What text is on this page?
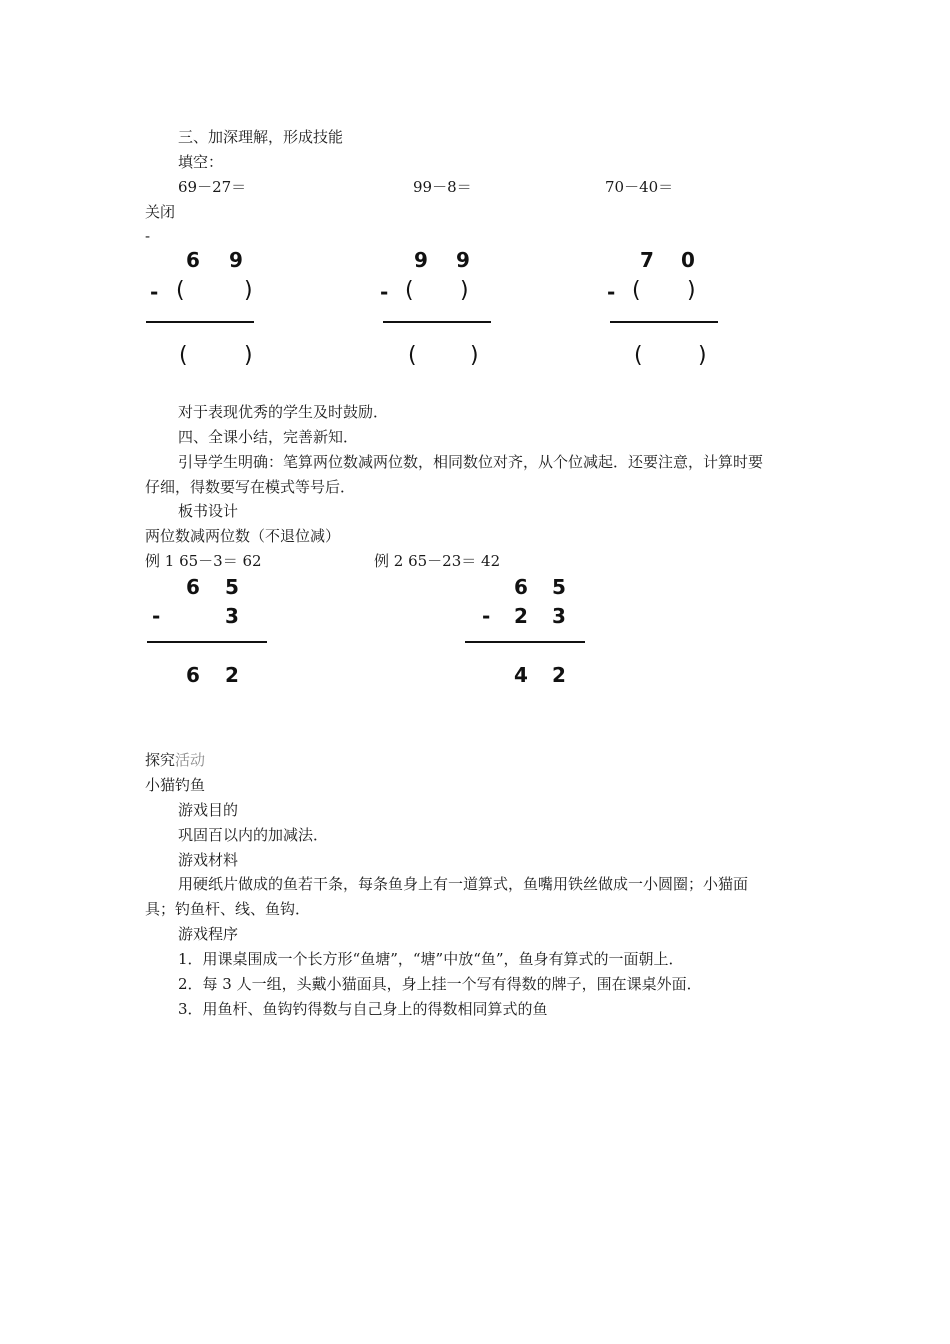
三、加深理解，形成技能
填空：
69－27＝	99－8＝	70－40＝
关闭
-
6 9
- (	)
(	)
9 9
- ( )
( )
7 0
- ( )
(	)
对于表现优秀的学生及时鼓励．
四、全课小结，完善新知．
引导学生明确：笔算两位数减两位数，相同数位对齐，从个位减起．还要注意，计算时要
仔细，得数要写在模式等号后．
板书设计
两位数减两位数（不退位减）
例 1 65－3＝ 62	例 2 65－23＝ 42
6 5
-	3
6 2
6 5
- 2 3
4 2
探究活动
小猫钓鱼
游戏目的
巩固百以内的加减法．
游戏材料
用硬纸片做成的鱼若干条，每条鱼身上有一道算式，鱼嘴用铁丝做成一小圆圈；小猫面
具；钓鱼杆、线、鱼钩．
游戏程序
1．用课桌围成一个长方形“鱼塘”，“塘”中放“鱼”，鱼身有算式的一面朝上．
2．每 3 人一组，头戴小猫面具，身上挂一个写有得数的牌子，围在课桌外面．
3．用鱼杆、鱼钩钓得数与自己身上的得数相同算式的鱼
